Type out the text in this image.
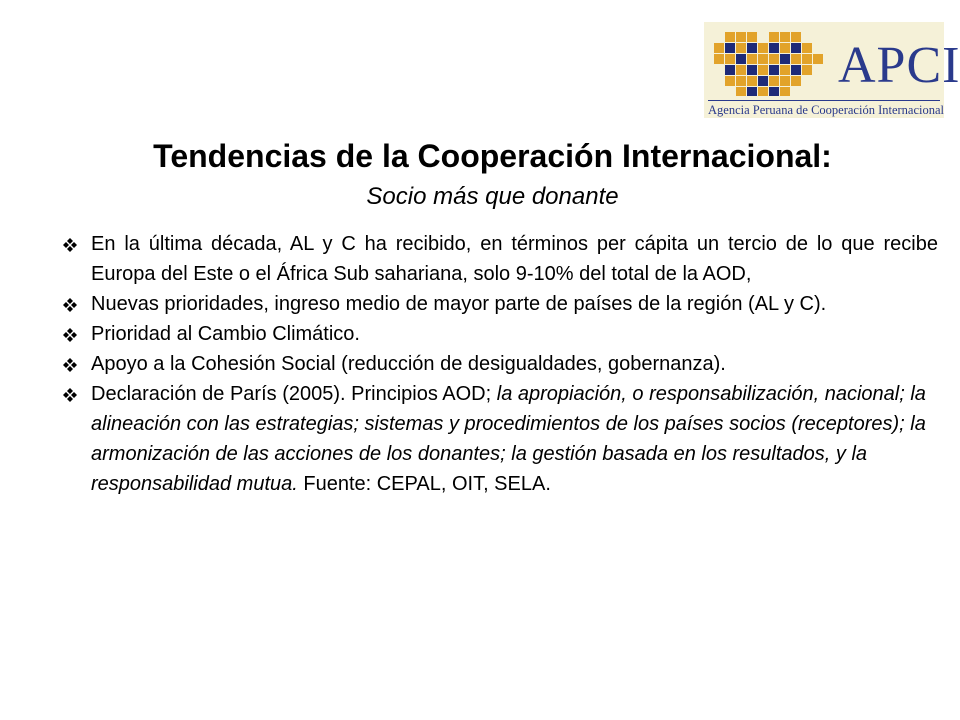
APCI
Agencia Peruana de Cooperación Internacional
Tendencias de la Cooperación Internacional:
Socio más que donante
En la última década, AL y C ha recibido, en términos per cápita un tercio de lo que recibe Europa del Este o el África Sub sahariana, solo 9-10% del total de la AOD,
Nuevas prioridades, ingreso medio de mayor parte de países de la región (AL y C).
Prioridad al Cambio Climático.
Apoyo a la Cohesión Social (reducción de desigualdades, gobernanza).
Declaración de París (2005). Principios AOD; la apropiación, o responsabilización, nacional; la alineación con las estrategias; sistemas y procedimientos de los países socios (receptores); la armonización de las acciones de los donantes; la gestión basada en los resultados, y la responsabilidad mutua. Fuente: CEPAL, OIT, SELA.
